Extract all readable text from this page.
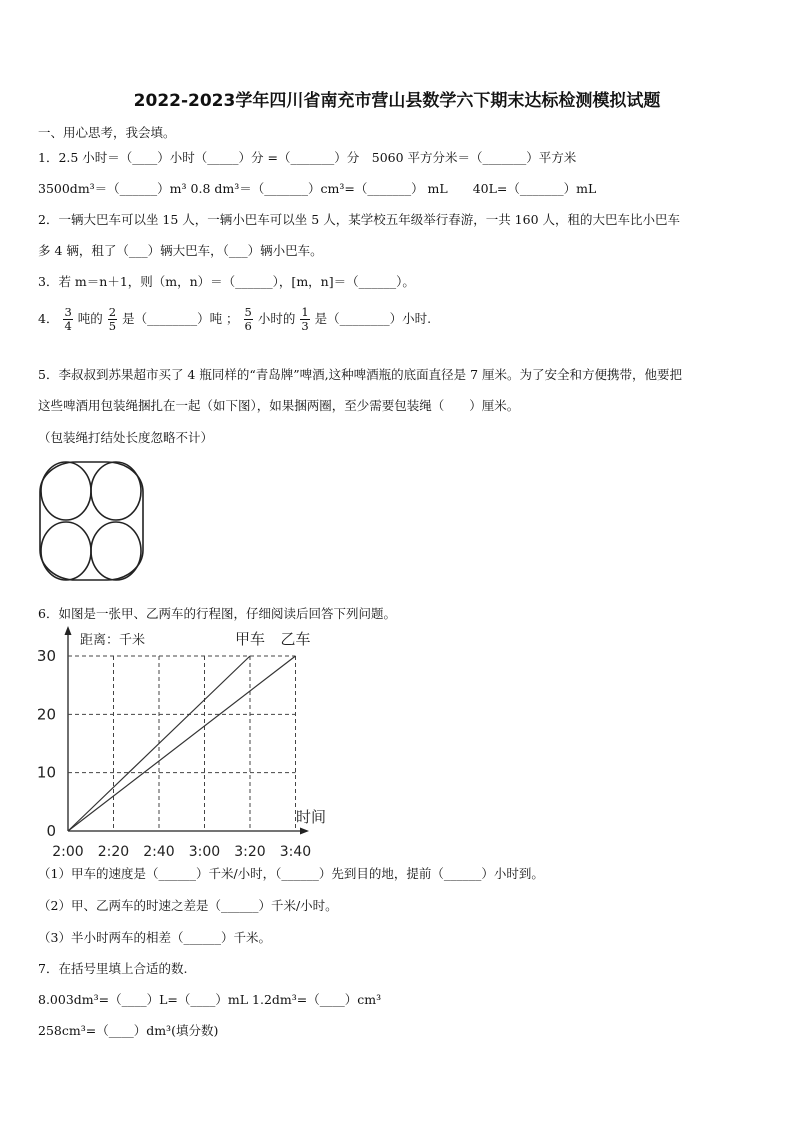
2022-2023学年四川省南充市营山县数学六下期末达标检测模拟试题
一、用心思考，我会填。
1．2.5 小时＝（____）小时（_____）分 =（_______）分　5060 平方分米＝（_______）平方米
3500dm³＝（______）m³ 0.8 dm³＝（_______）cm³=（_______） mL　　40L=（_______）mL
2．一辆大巴车可以坐 15 人，一辆小巴车可以坐 5 人，某学校五年级举行春游，一共 160 人，租的大巴车比小巴车
多 4 辆，租了（___）辆大巴车，（___）辆小巴车。
3．若 m＝n＋1，则（m，n）＝（______），[m，n]＝（______）。
4． $\frac{3}{4}$ 吨的 $\frac{2}{5}$ 是（________）吨 ； $\frac{5}{6}$ 小时的 $\frac{1}{3}$ 是（________）小时.
5．李叔叔到苏果超市买了 4 瓶同样的“青岛牌”啤酒,这种啤酒瓶的底面直径是 7 厘米。为了安全和方便携带，他要把
这些啤酒用包装绳捆扎在一起（如下图），如果捆两圈，至少需要包装绳（　　）厘米。
（包装绳打结处长度忽略不计）
6．如图是一张甲、乙两车的行程图，仔细阅读后回答下列问题。
甲车 乙车
0
10
20
30
2:00 2:20 2:40 3:00 3:20 3:40
距离：千米
时间
（1）甲车的速度是（______）千米/小时，（______）先到目的地，提前（______）小时到。
（2）甲、乙两车的时速之差是（______）千米/小时。
（3）半小时两车的相差（______）千米。
7．在括号里填上合适的数.
8.003dm³=（____）L=（____）mL 1.2dm³=（____）cm³
258cm³=（____）dm³(填分数)
